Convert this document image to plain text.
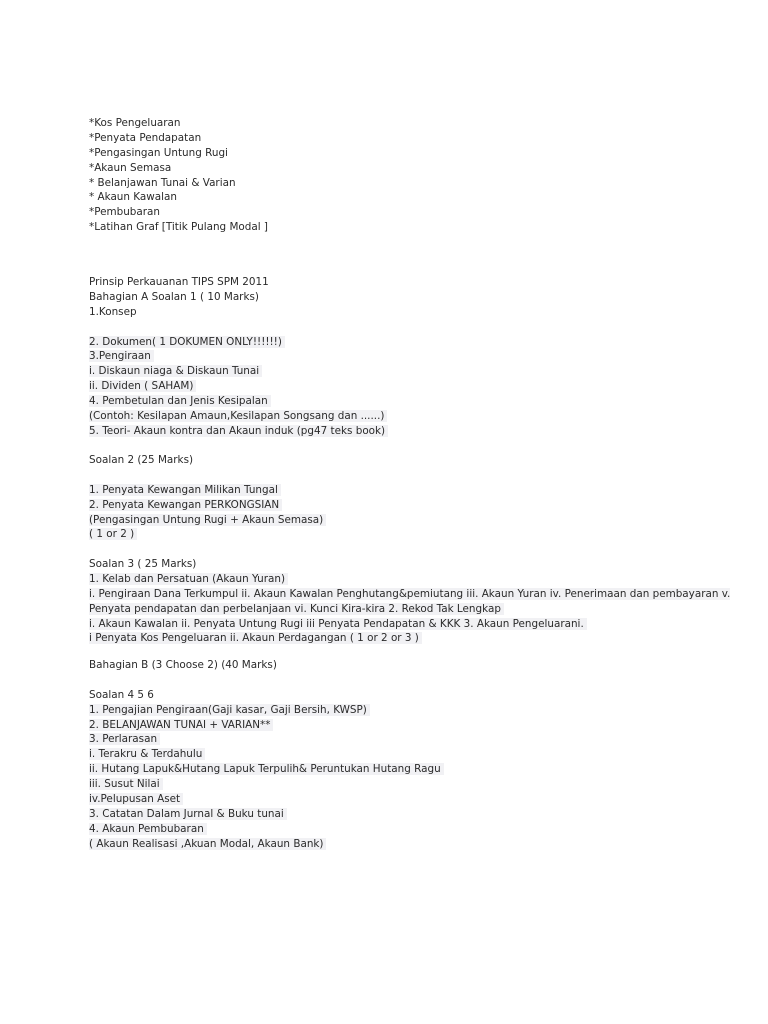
*Kos Pengeluaran
*Penyata Pendapatan
*Pengasingan Untung Rugi
*Akaun Semasa
* Belanjawan Tunai & Varian
* Akaun Kawalan
*Pembubaran
*Latihan Graf [Titik Pulang Modal ]
Prinsip Perkauanan TIPS SPM 2011
Bahagian A Soalan 1 ( 10 Marks)
1.Konsep
2. Dokumen( 1 DOKUMEN ONLY!!!!!!)
3.Pengiraan
i. Diskaun niaga & Diskaun Tunai
ii. Dividen ( SAHAM)
4. Pembetulan dan Jenis Kesipalan
(Contoh: Kesilapan Amaun,Kesilapan Songsang dan ......)
5. Teori- Akaun kontra dan Akaun induk (pg47 teks book)
Soalan 2 (25 Marks)
1. Penyata Kewangan Milikan Tungal
2. Penyata Kewangan PERKONGSIAN
(Pengasingan Untung Rugi + Akaun Semasa)
( 1 or 2 )
Soalan 3 ( 25 Marks)
1. Kelab dan Persatuan (Akaun Yuran)
i. Pengiraan Dana Terkumpul ii. Akaun Kawalan Penghutang&pemiutang iii. Akaun Yuran iv. Penerimaan dan pembayaran v. Penyata pendapatan dan perbelanjaan vi. Kunci Kira-kira 2. Rekod Tak Lengkap
i. Akaun Kawalan ii. Penyata Untung Rugi iii Penyata Pendapatan & KKK 3. Akaun Pengeluarani.
i Penyata Kos Pengeluaran ii. Akaun Perdagangan ( 1 or 2 or 3 )
Bahagian B (3 Choose 2) (40 Marks)
Soalan 4 5 6
1. Pengajian Pengiraan(Gaji kasar, Gaji Bersih, KWSP)
2. BELANJAWAN TUNAI + VARIAN**
3. Perlarasan
i. Terakru & Terdahulu
ii. Hutang Lapuk&Hutang Lapuk Terpulih& Peruntukan Hutang Ragu
iii. Susut Nilai
iv.Pelupusan Aset
3. Catatan Dalam Jurnal & Buku tunai
4. Akaun Pembubaran
( Akaun Realisasi ,Akuan Modal, Akaun Bank)
